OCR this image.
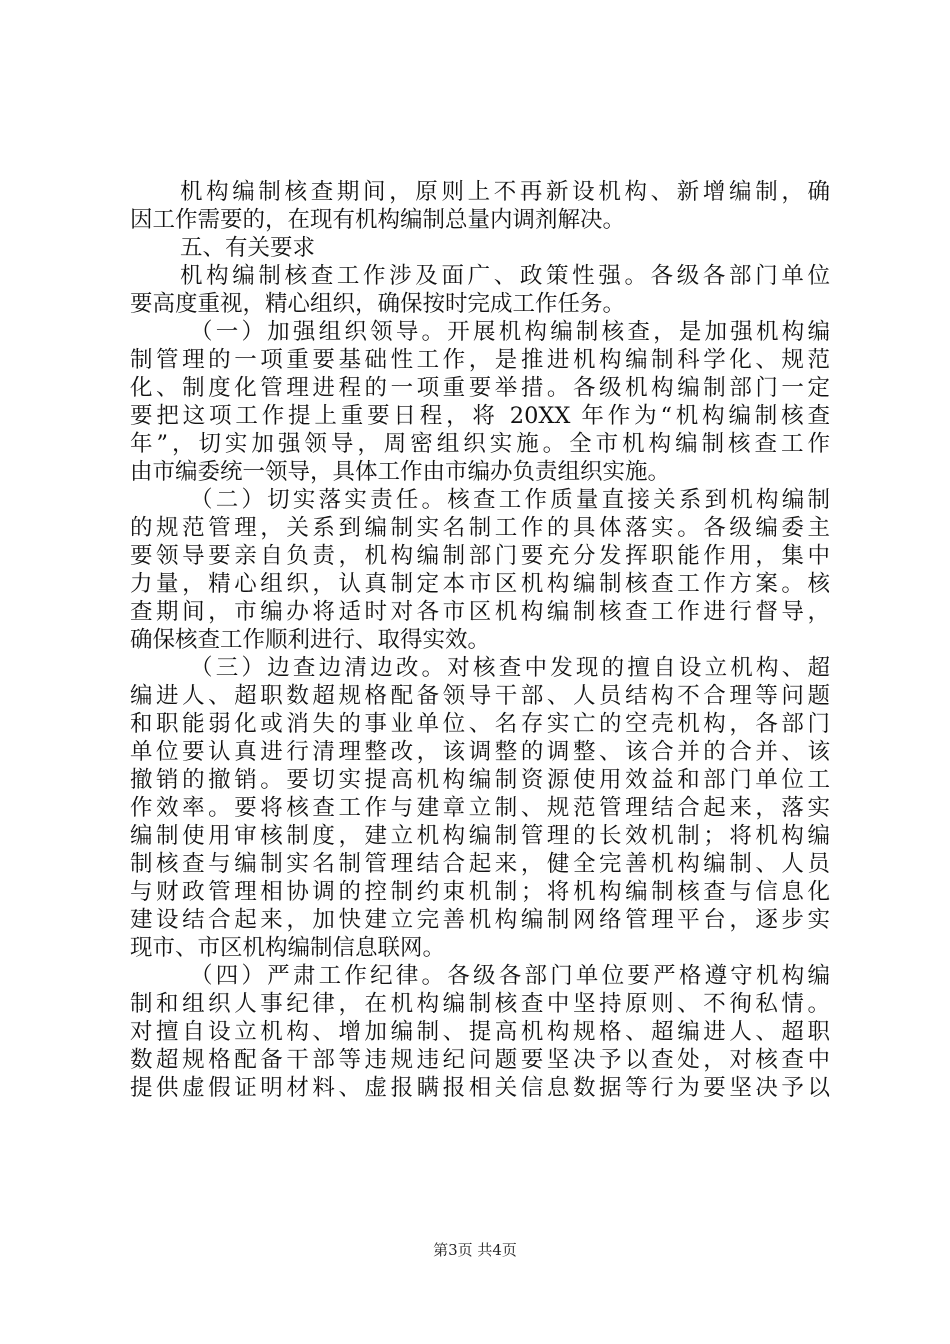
机构编制核查期间，原则上不再新设机构、新增编制，确
因工作需要的，在现有机构编制总量内调剂解决。
五、有关要求
机构编制核查工作涉及面广、政策性强。各级各部门单位
要高度重视，精心组织，确保按时完成工作任务。
（一）加强组织领导。开展机构编制核查，是加强机构编
制管理的一项重要基础性工作，是推进机构编制科学化、规范
化、制度化管理进程的一项重要举措。各级机构编制部门一定
要把这项工作提上重要日程，将 20XX 年作为“机构编制核查
年”，切实加强领导，周密组织实施。全市机构编制核查工作
由市编委统一领导，具体工作由市编办负责组织实施。
（二）切实落实责任。核查工作质量直接关系到机构编制
的规范管理，关系到编制实名制工作的具体落实。各级编委主
要领导要亲自负责，机构编制部门要充分发挥职能作用，集中
力量，精心组织，认真制定本市区机构编制核查工作方案。核
查期间，市编办将适时对各市区机构编制核查工作进行督导，
确保核查工作顺利进行、取得实效。
（三）边查边清边改。对核查中发现的擅自设立机构、超
编进人、超职数超规格配备领导干部、人员结构不合理等问题
和职能弱化或消失的事业单位、名存实亡的空壳机构，各部门
单位要认真进行清理整改，该调整的调整、该合并的合并、该
撤销的撤销。要切实提高机构编制资源使用效益和部门单位工
作效率。要将核查工作与建章立制、规范管理结合起来，落实
编制使用审核制度，建立机构编制管理的长效机制；将机构编
制核查与编制实名制管理结合起来，健全完善机构编制、人员
与财政管理相协调的控制约束机制；将机构编制核查与信息化
建设结合起来，加快建立完善机构编制网络管理平台，逐步实
现市、市区机构编制信息联网。
（四）严肃工作纪律。各级各部门单位要严格遵守机构编
制和组织人事纪律，在机构编制核查中坚持原则、不徇私情。
对擅自设立机构、增加编制、提高机构规格、超编进人、超职
数超规格配备干部等违规违纪问题要坚决予以查处，对核查中
提供虚假证明材料、虚报瞒报相关信息数据等行为要坚决予以
第3页 共4页
